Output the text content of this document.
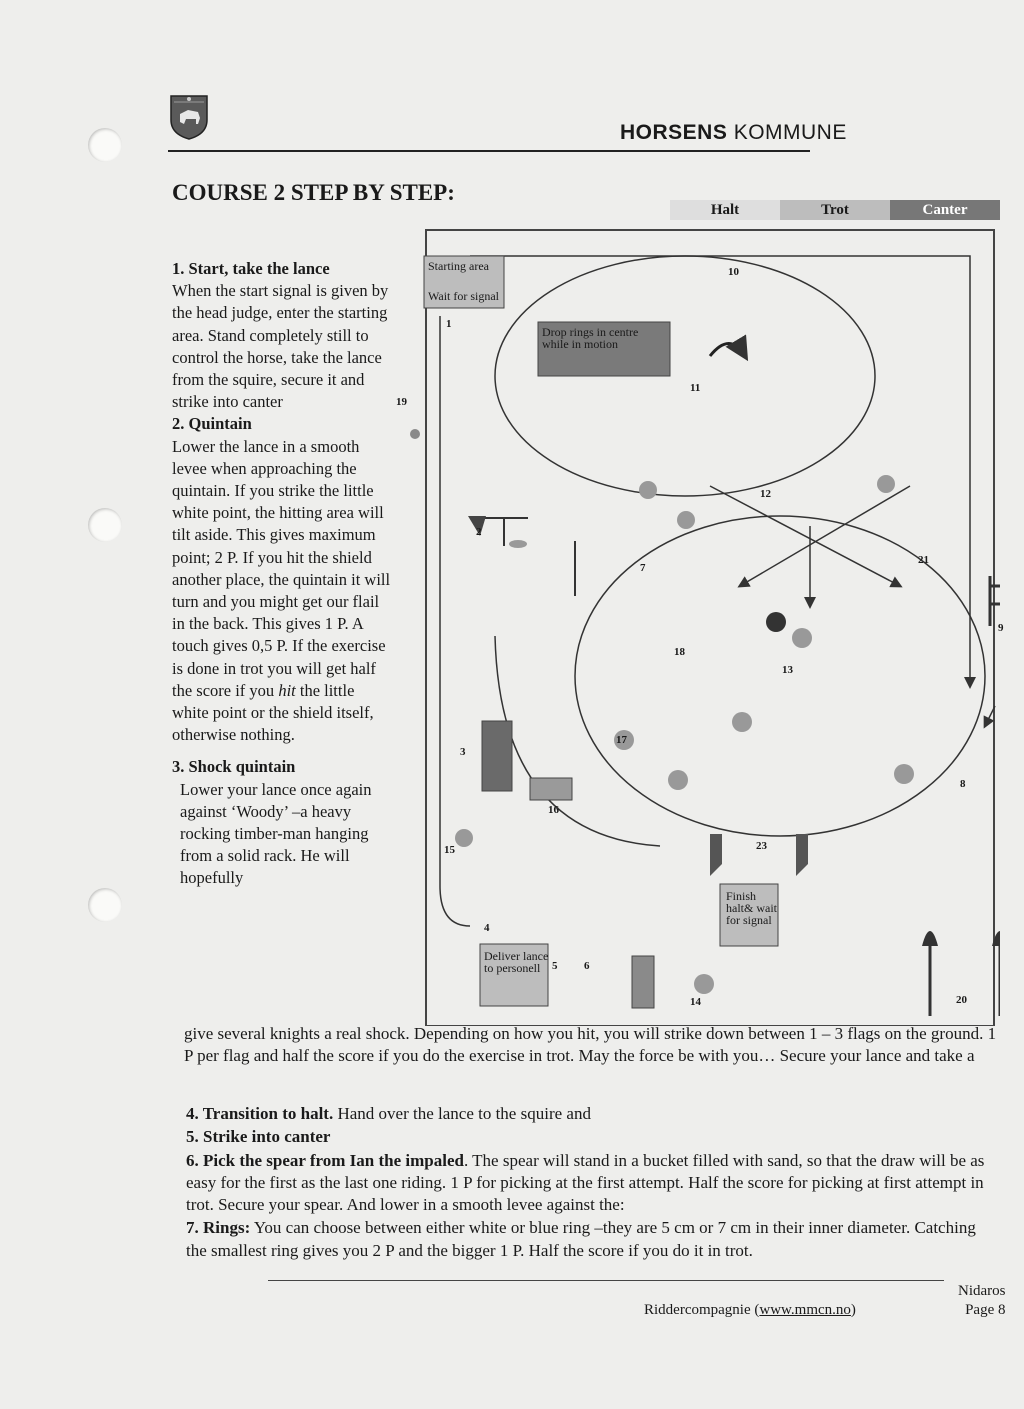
HORSENS KOMMUNE
COURSE 2 STEP BY STEP:
Halt	Trot	Canter

1. Start, take the lance

When the start signal is given by the head judge, enter the starting area. Stand completely still to control the horse, take the lance from the squire, secure it and strike into canter

2. Quintain

Lower the lance in a smooth levee when approaching the quintain. If you strike the little white point, the hitting area will tilt aside. This gives maximum point; 2 P. If you hit the shield another place, the quintain it will turn and you might get our flail in the back. This gives 1 P. A touch gives 0,5 P. If the exercise is done in trot you will get half the score if you hit the little white point or the shield itself, otherwise nothing.

3. Shock quintain

Lower your lance once again against ‘Woody’ –a heavy rocking timber-man hanging from a solid rack. He will hopefully

Starting area
Wait for signal
Drop rings in centre while in motion
Finish halt& wait for signal
Deliver lance to personell
1
2
3
4
5 6
7
8
9
10
11
12
13
14
15
16
17
18
19
20
21
23

give several knights a real shock. Depending on how you hit, you will strike down between 1 – 3 flags on the ground. 1 P per flag and half the score if you do the exercise in trot. May the force be with you… Secure your lance and take a

4. Transition to halt. Hand over the lance to the squire and

5. Strike into canter

6. Pick the spear from Ian the impaled. The spear will stand in a bucket filled with sand, so that the draw will be as easy for the first as the last one riding. 1 P for picking at the first attempt. Half the score for picking at first attempt in trot. Secure your spear. And lower in a smooth levee against the:

7. Rings: You can choose between either white or blue ring –they are 5 cm or 7 cm in their inner diameter. Catching the smallest ring gives you 2 P and the bigger 1 P. Half the score if you do it in trot.

Riddercompagnie (www.mmcn.no)
Nidaros
Page 8
